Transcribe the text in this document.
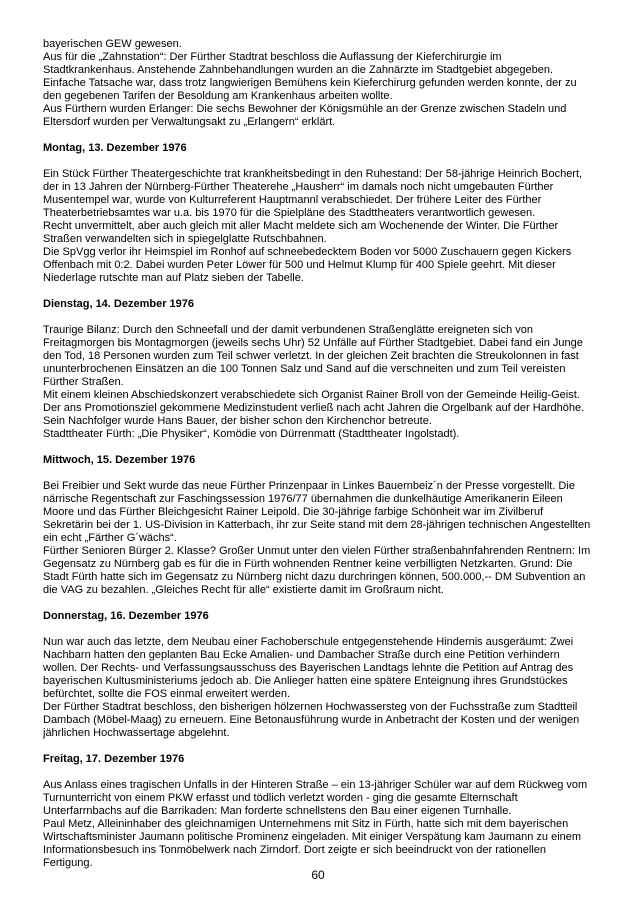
bayerischen GEW gewesen.

Aus für die „Zahnstation“: Der Fürther Stadtrat beschloss die Auflassung der Kieferchirurgie im Stadtkrankenhaus. Anstehende Zahnbehandlungen wurden an die Zahnärzte im Stadtgebiet abgegeben. Einfache Tatsache war, dass trotz langwierigen Bemühens kein Kieferchirurg gefunden werden konnte, der zu den gegebenen Tarifen der Besoldung am Krankenhaus arbeiten wollte.

Aus Fürthern wurden Erlanger: Die sechs Bewohner der Königsmühle an der Grenze zwischen Stadeln und Eltersdorf wurden per Verwaltungsakt zu „Erlangern“ erklärt.

Montag, 13. Dezember 1976

Ein Stück Fürther Theatergeschichte trat krankheitsbedingt in den Ruhestand: Der 58-jährige Heinrich Bochert, der in 13 Jahren der Nürnberg-Fürther Theaterehe „Hausherr“ im damals noch nicht umgebauten Fürther Musentempel war, wurde von Kulturreferent Hauptmannl verabschiedet. Der frühere Leiter des Fürther Theaterbetriebsamtes war u.a. bis 1970 für die Spielpläne des Stadttheaters verantwortlich gewesen.

Recht unvermittelt, aber auch gleich mit aller Macht meldete sich am Wochenende der Winter. Die Fürther Straßen verwandelten sich in spiegelglatte Rutschbahnen.

Die SpVgg verlor ihr Heimspiel im Ronhof auf schneebedecktem Boden vor 5000 Zuschauern gegen Kickers Offenbach mit 0:2. Dabei wurden Peter Löwer für 500 und Helmut Klump für 400 Spiele geehrt. Mit dieser Niederlage rutschte man auf Platz sieben der Tabelle.

Dienstag, 14. Dezember 1976

Traurige Bilanz: Durch den Schneefall und der damit verbundenen Straßenglätte ereigneten sich von Freitagmorgen bis Montagmorgen (jeweils sechs Uhr) 52 Unfälle auf Fürther Stadtgebiet. Dabei fand ein Junge den Tod, 18 Personen wurden zum Teil schwer verletzt. In der gleichen Zeit brachten die Streukolonnen in fast ununterbrochenen Einsätzen an die 100 Tonnen Salz und Sand auf die verschneiten und zum Teil vereisten Fürther Straßen.

Mit einem kleinen Abschiedskonzert verabschiedete sich Organist Rainer Broll von der Gemeinde Heilig-Geist. Der ans Promotionsziel gekommene Medizinstudent verließ nach acht Jahren die Orgelbank auf der Hardhöhe. Sein Nachfolger wurde Hans Bauer, der bisher schon den Kirchenchor betreute.

Stadttheater Fürth: „Die Physiker“, Komödie von Dürrenmatt (Stadttheater Ingolstadt).

Mittwoch, 15. Dezember 1976

Bei Freibier und Sekt wurde das neue Fürther Prinzenpaar in Linkes Bauernbeiz´n der Presse vorgestellt. Die närrische Regentschaft zur Faschingssession 1976/77 übernahmen die dunkelhäutige Amerikanerin Eileen Moore und das Fürther Bleichgesicht Rainer Leipold. Die 30-jährige farbige Schönheit war im Zivilberuf Sekretärin bei der 1. US-Division in Katterbach, ihr zur Seite stand mit dem 28-jährigen technischen Angestellten ein echt „Färther G´wächs“.

Fürther Senioren Bürger 2. Klasse? Großer Unmut unter den vielen Fürther straßenbahnfahrenden Rentnern: Im Gegensatz zu Nürnberg gab es für die in Fürth wohnenden Rentner keine verbilligten Netzkarten. Grund: Die Stadt Fürth hatte sich im Gegensatz zu Nürnberg nicht dazu durchringen können, 500.000,-- DM Subvention an die VAG zu bezahlen. „Gleiches Recht für alle“ existierte damit im Großraum nicht.

Donnerstag, 16. Dezember 1976

Nun war auch das letzte, dem Neubau einer Fachoberschule entgegenstehende Hindernis ausgeräumt: Zwei Nachbarn hatten den geplanten Bau Ecke Amalien- und Dambacher Straße durch eine Petition verhindern wollen. Der Rechts- und Verfassungsausschuss des Bayerischen Landtags lehnte die Petition auf Antrag des bayerischen Kultusministeriums jedoch ab. Die Anlieger hatten eine spätere Enteignung ihres Grundstückes befürchtet, sollte die FOS einmal erweitert werden.

Der Fürther Stadtrat beschloss, den bisherigen hölzernen Hochwassersteg von der Fuchsstraße zum Stadtteil Dambach (Möbel-Maag) zu erneuern. Eine Betonausführung wurde in Anbetracht der Kosten und der wenigen jährlichen Hochwassertage abgelehnt.

Freitag, 17. Dezember 1976

Aus Anlass eines tragischen Unfalls in der Hinteren Straße – ein 13-jähriger Schüler war auf dem Rückweg vom Turnunterricht von einem PKW erfasst und tödlich verletzt worden - ging die gesamte Elternschaft Unterfarrnbachs auf die Barrikaden: Man forderte schnellstens den Bau einer eigenen Turnhalle.

Paul Metz, Alleininhaber des gleichnamigen Unternehmens mit Sitz in Fürth, hatte sich mit dem bayerischen Wirtschaftsminister Jaumann politische Prominenz eingeladen. Mit einiger Verspätung kam Jaumann zu einem Informationsbesuch ins Tonmöbelwerk nach Zirndorf. Dort zeigte er sich beeindruckt von der rationellen Fertigung.

60
